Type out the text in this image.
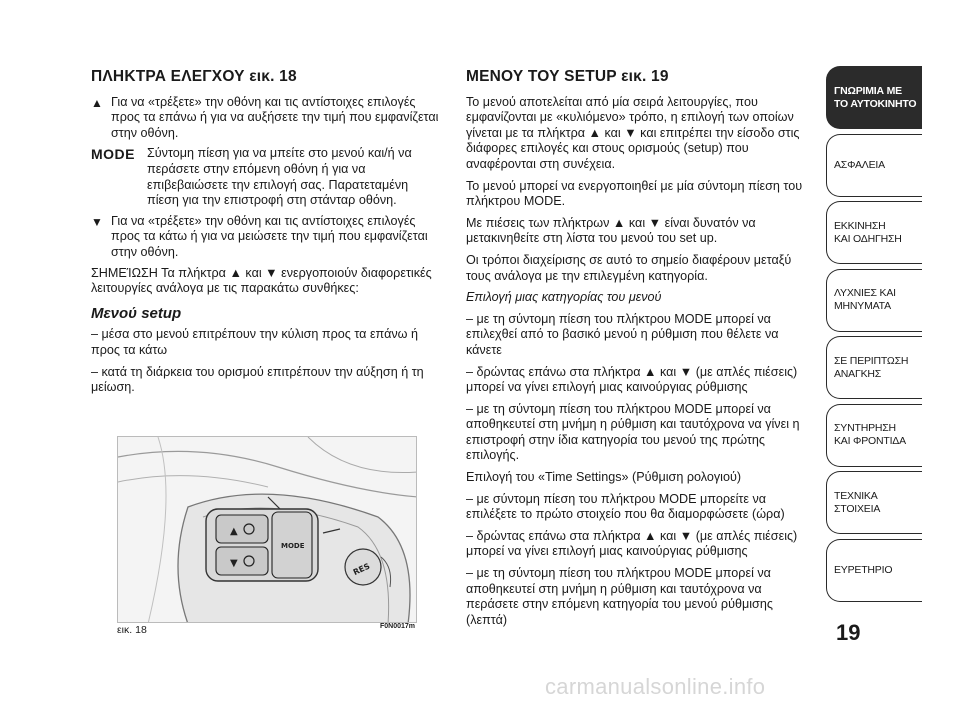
ΠΛΗΚΤΡΑ ΕΛΕΓΧΟΥ εικ. 18
▲ Για να «τρέξετε» την οθόνη και τις αντίστοιχες επιλογές προς τα επάνω ή για να αυξήσετε την τιμή που εμφανίζεται στην οθόνη.
MODE Σύντομη πίεση για να μπείτε στο μενού και/ή να περάσετε στην επόμενη οθόνη ή για να επιβεβαιώσετε την επιλογή σας. Παρατεταμένη πίεση για την επιστροφή στη στάνταρ οθόνη.
▼ Για να «τρέξετε» την οθόνη και τις αντίστοιχες επιλογές προς τα κάτω ή για να μειώσετε την τιμή που εμφανίζεται στην οθόνη.

ΣΗΜΕΊΩΣΗ Τα πλήκτρα ▲ και ▼ ενεργοποιούν διαφορετικές λειτουργίες ανάλογα με τις παρακάτω συνθήκες:

Μενού setup

– μέσα στο μενού επιτρέπουν την κύλιση προς τα επάνω ή προς τα κάτω

– κατά τη διάρκεια του ορισμού επιτρέπουν την αύξηση ή τη μείωση.

▲
▼
MODE
RES
εικ. 18	F0N0017m
ΜΕΝΟΥ ΤΟΥ SETUP εικ. 19

Το μενού αποτελείται από μία σειρά λειτουργίες, που εμφανίζονται με «κυλιόμενο» τρόπο, η επιλογή των οποίων γίνεται με τα πλήκτρα ▲ και ▼ και επιτρέπει την είσοδο στις διάφορες επιλογές και στους ορισμούς (setup) που αναφέρονται στη συνέχεια.

Το μενού μπορεί να ενεργοποιηθεί με μία σύντομη πίεση του πλήκτρου MODE.

Με πιέσεις των πλήκτρων ▲ και ▼ είναι δυνατόν να μετακινηθείτε στη λίστα του μενού του set up.

Οι τρόποι διαχείρισης σε αυτό το σημείο διαφέρουν μεταξύ τους ανάλογα με την επιλεγμένη κατηγορία.

Επιλογή μιας κατηγορίας του μενού

– με τη σύντομη πίεση του πλήκτρου MODE μπορεί να επιλεχθεί από το βασικό μενού η ρύθμιση που θέλετε να κάνετε

– δρώντας επάνω στα πλήκτρα ▲ και ▼ (με απλές πιέσεις) μπορεί να γίνει επιλογή μιας καινούργιας ρύθμισης

– με τη σύντομη πίεση του πλήκτρου MODE μπορεί να αποθηκευτεί στη μνήμη η ρύθμιση και ταυτόχρονα να γίνει η επιστροφή στην ίδια κατηγορία του μενού της πρώτης επιλογής.

Επιλογή του «Time Settings» (Ρύθμιση ρολογιού)

– με σύντομη πίεση του πλήκτρου MODE μπορείτε να επιλέξετε το πρώτο στοιχείο που θα διαμορφώσετε (ώρα)

– δρώντας επάνω στα πλήκτρα ▲ και ▼ (με απλές πιέσεις) μπορεί να γίνει επιλογή μιας καινούργιας ρύθμισης

– με τη σύντομη πίεση του πλήκτρου MODE μπορεί να αποθηκευτεί στη μνήμη η ρύθμιση και ταυτόχρονα να περάσετε στην επόμενη κατηγορία του μενού ρύθμισης (λεπτά)

ΓΝΩΡΙΜΙΑ ΜΕ
ΤΟ ΑΥΤΟΚΙΝΗΤΟ
ΑΣΦΑΛΕΙΑ
ΕΚΚΙΝΗΣΗ
ΚΑΙ ΟΔΗΓΗΣΗ
ΛΥΧΝΙΕΣ ΚΑΙ
ΜΗΝΥΜΑΤΑ
ΣΕ ΠΕΡΙΠΤΩΣΗ
ΑΝΑΓΚΗΣ
ΣΥΝΤΗΡΗΣΗ
ΚΑΙ ΦΡΟΝΤΙΔΑ
ΤΕΧΝΙΚΑ
ΣΤΟΙΧΕΙΑ
ΕΥΡΕΤΗΡΙΟ
19
carmanualsonline.info
